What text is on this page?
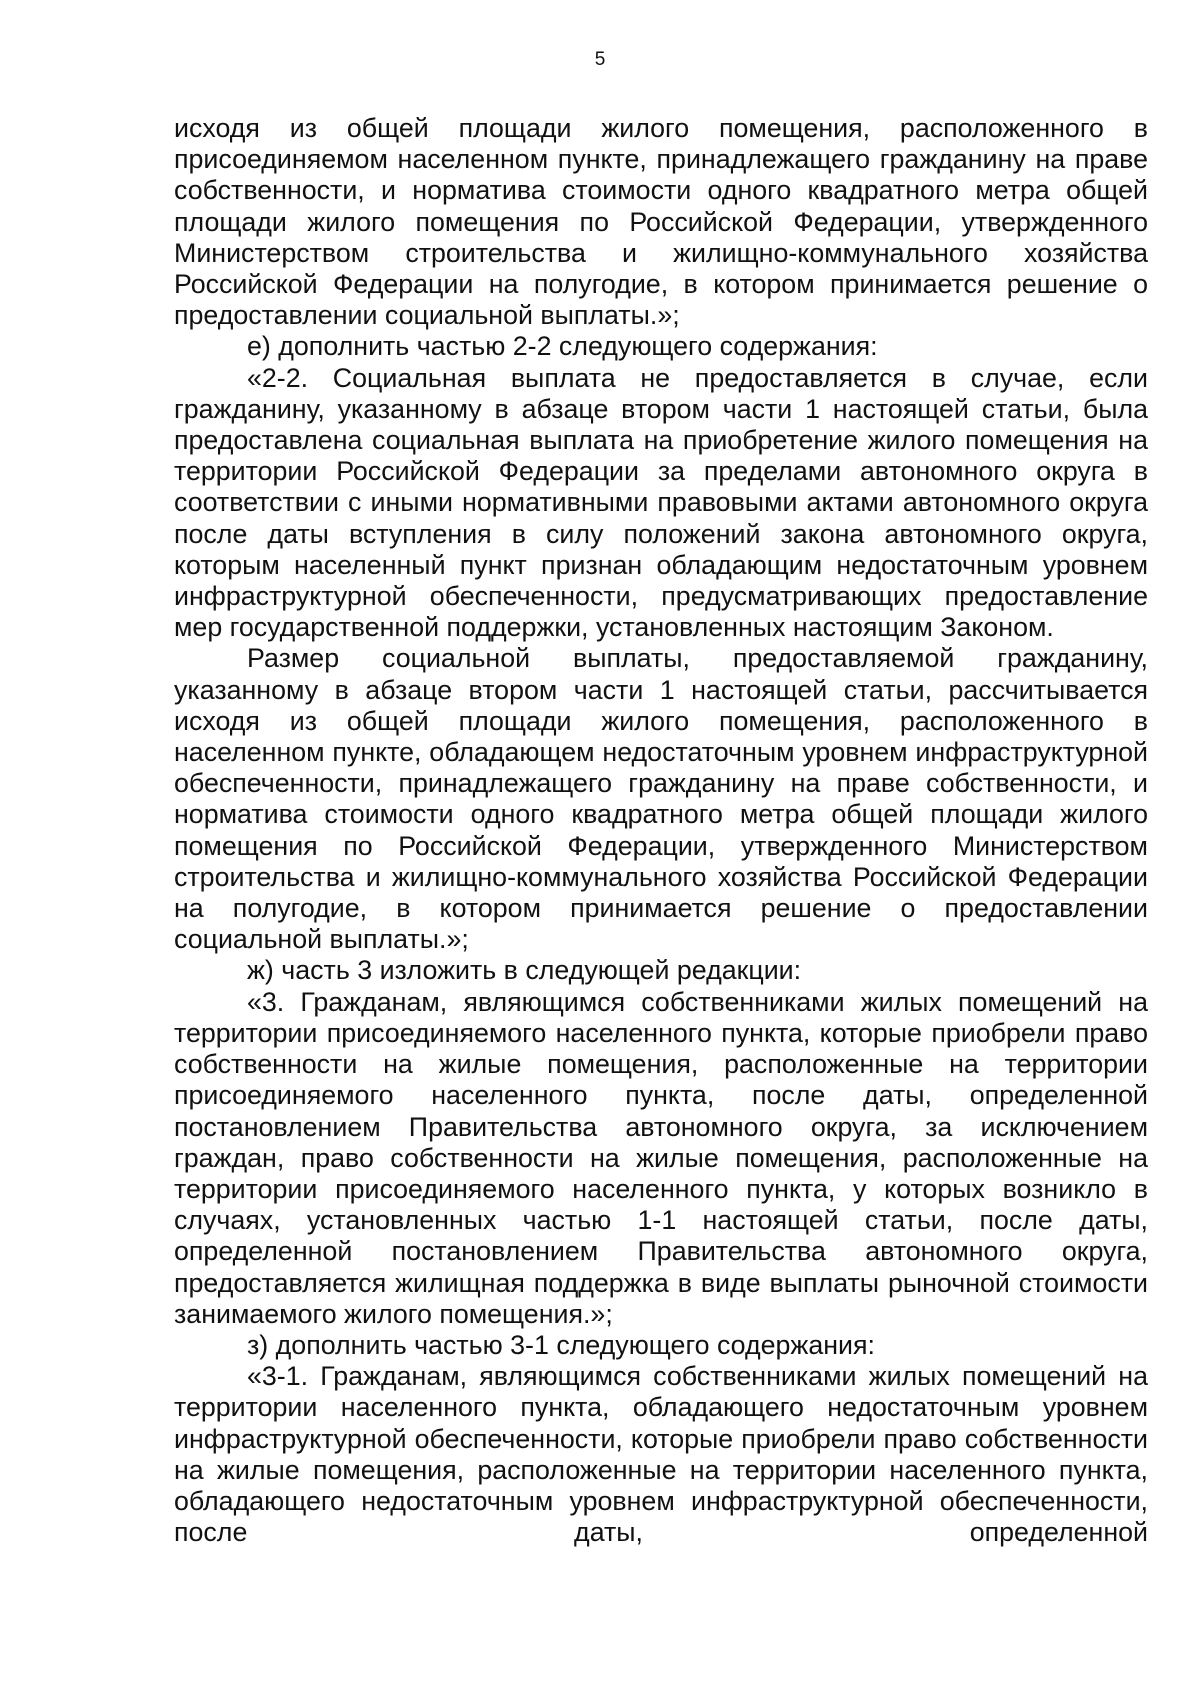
5

исходя из общей площади жилого помещения, расположенного в присоединяемом населенном пункте, принадлежащего гражданину на праве собственности, и норматива стоимости одного квадратного метра общей площади жилого помещения по Российской Федерации, утвержденного Министерством строительства и жилищно-коммунального хозяйства Российской Федерации на полугодие, в котором принимается решение о предоставлении социальной выплаты.»;

е) дополнить частью 2-2 следующего содержания:

«2-2. Социальная выплата не предоставляется в случае, если гражданину, указанному в абзаце втором части 1 настоящей статьи, была предоставлена социальная выплата на приобретение жилого помещения на территории Российской Федерации за пределами автономного округа в соответствии с иными нормативными правовыми актами автономного округа после даты вступления в силу положений закона автономного округа, которым населенный пункт признан обладающим недостаточным уровнем инфраструктурной обеспеченности, предусматривающих предоставление мер государственной поддержки, установленных настоящим Законом.

Размер социальной выплаты, предоставляемой гражданину, указанному в абзаце втором части 1 настоящей статьи, рассчитывается исходя из общей площади жилого помещения, расположенного в населенном пункте, обладающем недостаточным уровнем инфраструктурной обеспеченности, принадлежащего гражданину на праве собственности, и норматива стоимости одного квадратного метра общей площади жилого помещения по Российской Федерации, утвержденного Министерством строительства и жилищно-коммунального хозяйства Российской Федерации на полугодие, в котором принимается решение о предоставлении социальной выплаты.»;

ж) часть 3 изложить в следующей редакции:

«3. Гражданам, являющимся собственниками жилых помещений на территории присоединяемого населенного пункта, которые приобрели право собственности на жилые помещения, расположенные на территории присоединяемого населенного пункта, после даты, определенной постановлением Правительства автономного округа, за исключением граждан, право собственности на жилые помещения, расположенные на территории присоединяемого населенного пункта, у которых возникло в случаях, установленных частью 1-1 настоящей статьи, после даты, определенной постановлением Правительства автономного округа, предоставляется жилищная поддержка в виде выплаты рыночной стоимости занимаемого жилого помещения.»;

з) дополнить частью 3-1 следующего содержания:

«3-1. Гражданам, являющимся собственниками жилых помещений на территории населенного пункта, обладающего недостаточным уровнем инфраструктурной обеспеченности, которые приобрели право собственности на жилые помещения, расположенные на территории населенного пункта, обладающего недостаточным уровнем инфраструктурной обеспеченности, после даты, определенной
